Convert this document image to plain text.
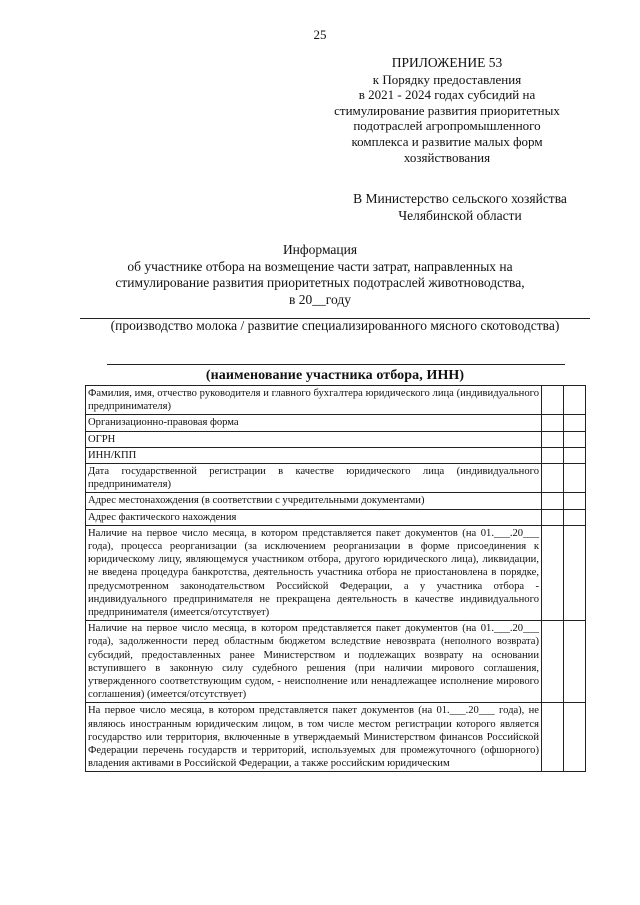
25
ПРИЛОЖЕНИЕ 53
к Порядку предоставления
в 2021 - 2024 годах субсидий на
стимулирование развития приоритетных
подотраслей агропромышленного
комплекса и развитие малых форм
хозяйствования
В Министерство сельского хозяйства
Челябинской области
Информация
об участнике отбора на возмещение части затрат, направленных на
стимулирование развития приоритетных подотраслей животноводства,
в 20__году
(производство молока / развитие специализированного мясного скотоводства)
(наименование участника отбора, ИНН)
Фамилия, имя, отчество руководителя и главного бухгалтера юридического лица (индивидуального предпринимателя)		
Организационно-правовая форма		
ОГРН		
ИНН/КПП		
Дата государственной регистрации в качестве юридического лица (индивидуального предпринимателя)		
Адрес местонахождения (в соответствии с учредительными документами)		
Адрес фактического нахождения		
Наличие на первое число месяца, в котором представляется пакет документов (на 01.___.20___ года), процесса реорганизации (за исключением реорганизации в форме присоединения к юридическому лицу, являющемуся участником отбора, другого юридического лица), ликвидации, не введена процедура банкротства, деятельность участника отбора не приостановлена в порядке, предусмотренном законодательством Российской Федерации, а у участника отбора - индивидуального предпринимателя не прекращена деятельность в качестве индивидуального предпринимателя (имеется/отсутствует)		
Наличие на первое число месяца, в котором представляется пакет документов (на 01.___.20___ года), задолженности перед областным бюджетом вследствие невозврата (неполного возврата) субсидий, предоставленных ранее Министерством и подлежащих возврату на основании вступившего в законную силу судебного решения (при наличии мирового соглашения, утвержденного соответствующим судом, - неисполнение или ненадлежащее исполнение мирового соглашения) (имеется/отсутствует)		
На первое число месяца, в котором представляется пакет документов (на 01.___.20___ года), не являюсь иностранным юридическим лицом, в том числе местом регистрации которого является государство или территория, включенные в утверждаемый Министерством финансов Российской Федерации перечень государств и территорий, используемых для промежуточного (офшорного) владения активами в Российской Федерации, а также российским юридическим		
